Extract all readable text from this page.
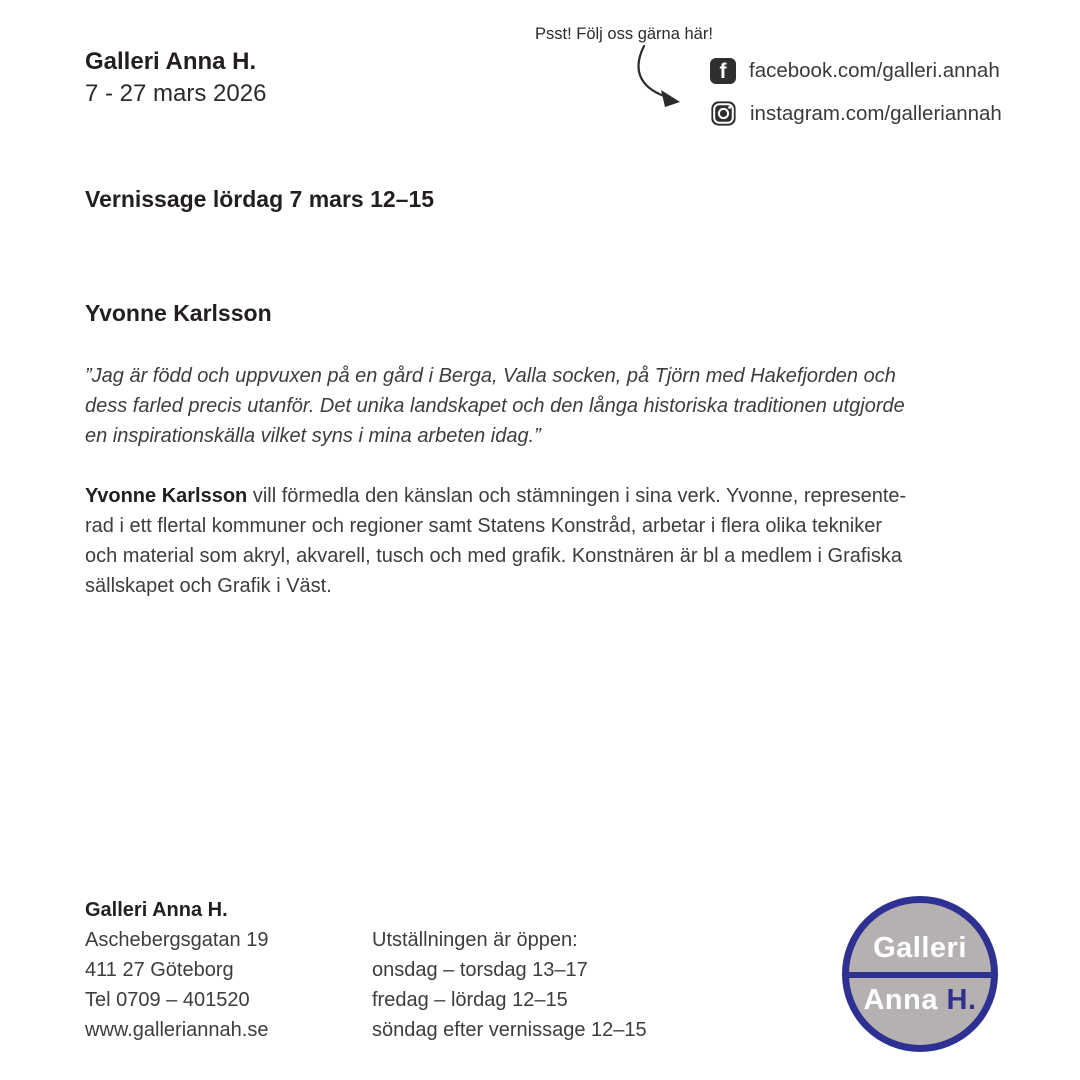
Galleri Anna H.
7 - 27 mars 2026
Psst! Följ oss gärna här!
f	facebook.com/galleri.annah
instagram.com/galleriannah
Vernissage lördag 7 mars 12–15
Yvonne Karlsson
”Jag är född och uppvuxen på en gård i Berga, Valla socken, på Tjörn med Hakefjorden och
dess farled precis utanför. Det unika landskapet och den långa historiska traditionen utgjorde
en inspirationskälla vilket syns i mina arbeten idag.”
Yvonne Karlsson vill förmedla den känslan och stämningen i sina verk. Yvonne, represente-
rad i ett flertal kommuner och regioner samt Statens Konstråd, arbetar i flera olika tekniker
och material som akryl, akvarell, tusch och med grafik. Konstnären är bl a medlem i Grafiska
sällskapet och Grafik i Väst.
Galleri Anna H.
Aschebergsgatan 19
411 27 Göteborg
Tel 0709 – 401520
www.galleriannah.se
Utställningen är öppen:
onsdag – torsdag 13–17
fredag – lördag 12–15
söndag efter vernissage 12–15
Galleri
Anna H.
